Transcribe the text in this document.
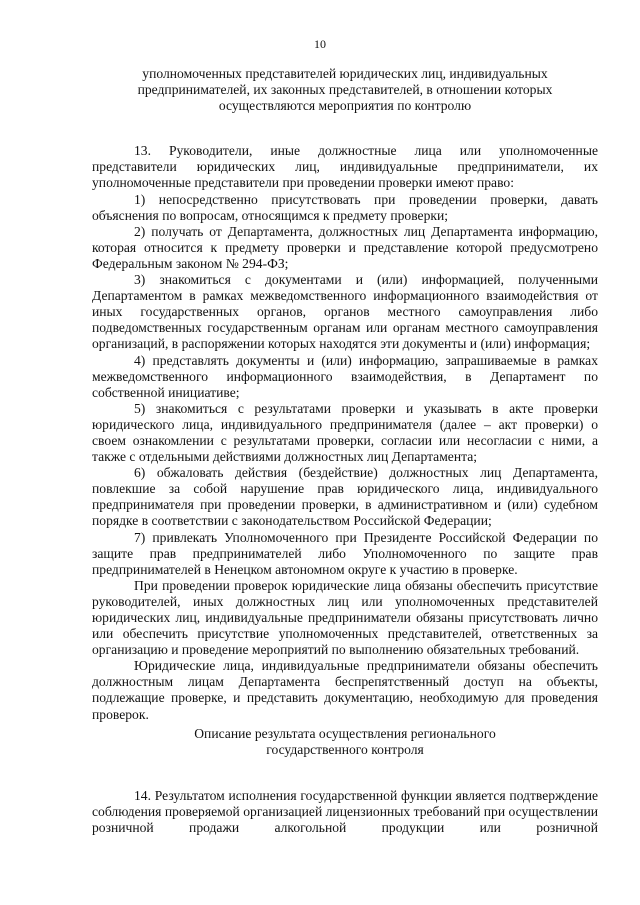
10
уполномоченных представителей юридических лиц, индивидуальных
предпринимателей, их законных представителей, в отношении которых
осуществляются мероприятия по контролю

13. Руководители, иные должностные лица или уполномоченные представители юридических лиц, индивидуальные предприниматели, их уполномоченные представители при проведении проверки имеют право:

1) непосредственно присутствовать при проведении проверки, давать объяснения по вопросам, относящимся к предмету проверки;

2) получать от Департамента, должностных лиц Департамента информацию, которая относится к предмету проверки и представление которой предусмотрено Федеральным законом № 294-ФЗ;

3) знакомиться с документами и (или) информацией, полученными Департаментом в рамках межведомственного информационного взаимодействия от иных государственных органов, органов местного самоуправления либо подведомственных государственным органам или органам местного самоуправления организаций, в распоряжении которых находятся эти документы и (или) информация;

4) представлять документы и (или) информацию, запрашиваемые в рамках межведомственного информационного взаимодействия, в Департамент по собственной инициативе;

5) знакомиться с результатами проверки и указывать в акте проверки юридического лица, индивидуального предпринимателя (далее – акт проверки) о своем ознакомлении с результатами проверки, согласии или несогласии с ними, а также с отдельными действиями должностных лиц Департамента;

6) обжаловать действия (бездействие) должностных лиц Департамента, повлекшие за собой нарушение прав юридического лица, индивидуального предпринимателя при проведении проверки, в административном и (или) судебном порядке в соответствии с законодательством Российской Федерации;

7) привлекать Уполномоченного при Президенте Российской Федерации по защите прав предпринимателей либо Уполномоченного по защите прав предпринимателей в Ненецком автономном округе к участию в проверке.

При проведении проверок юридические лица обязаны обеспечить присутствие руководителей, иных должностных лиц или уполномоченных представителей юридических лиц, индивидуальные предприниматели обязаны присутствовать лично или обеспечить присутствие уполномоченных представителей, ответственных за организацию и проведение мероприятий по выполнению обязательных требований.

Юридические лица, индивидуальные предприниматели обязаны обеспечить должностным лицам Департамента беспрепятственный доступ на объекты, подлежащие проверке, и представить документацию, необходимую для проведения проверок.

Описание результата осуществления регионального
государственного контроля

14. Результатом исполнения государственной функции является подтверждение соблюдения проверяемой организацией лицензионных требований при осуществлении розничной продажи алкогольной продукции или розничной
